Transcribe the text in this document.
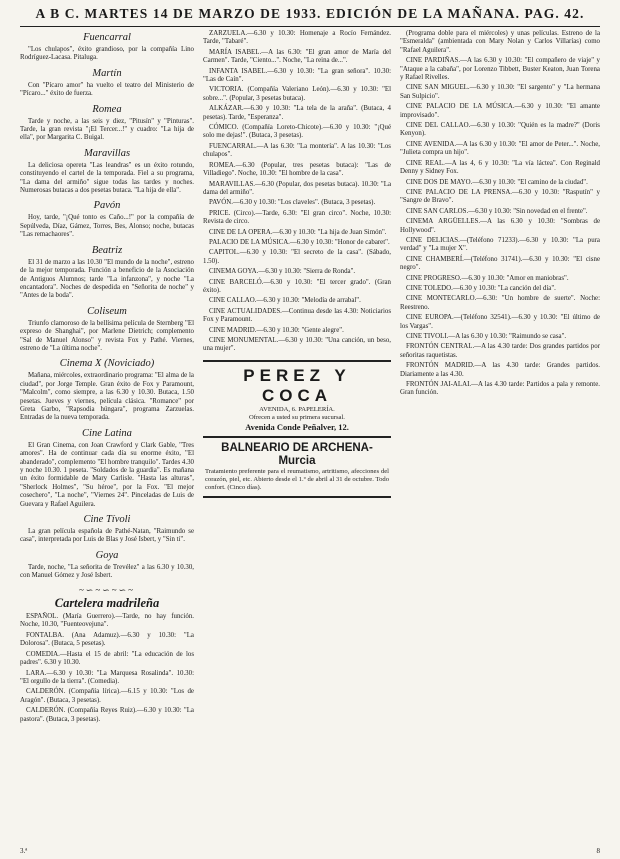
A B C. MARTES 14 DE MARZO DE 1933. EDICIÓN DE LA MAÑANA. PAG. 42.
Fuencarral

"Los chulapos", éxito grandioso, por la compañía Lino Rodríguez-Lacasa. Pitaluga.

Martín

Con "Pícaro amor" ha vuelto el teatro del Ministerio de "Pícaro..." éxito de fuerza.

Romea

Tarde y noche, a las seis y diez, "Pitusín" y "Pinturas". Tarde, la gran revista "¡El Tercer...!" y cuadro: "La hija de ella", por Margarita C. Buigal.

Maravillas

La deliciosa opereta "Las leandras" es un éxito rotundo, constituyendo el cartel de la temporada. Fiel a su programa, "La dama del armiño" sigue todas las tardes y noches. Numerosas butacas a dos pesetas butaca. "La hija de ella".

Pavón

Hoy, tarde, "¡Qué tonto es Caño...!" por la compañía de Sepúlveda, Díaz, Gámez, Torres, Bes, Alonso; noche, butacas "Las remachaores".

Beatriz

El 31 de marzo a las 10.30 "El mundo de la noche", estreno de la mejor temporada. Función a beneficio de la Asociación de Antiguos Alumnos; tarde "La infanzona", y noche "La encantadora". Noches de despedida en "Señorita de noche" y "Antes de la boda".

Coliseum

Triunfo clamoroso de la bellísima película de Sternberg "El expreso de Shanghai", por Marlene Dietrich; complemento "Sal de Manuel Alonso" y revista Fox y Pathé. Viernes, estreno de "La última noche".

Cinema X (Noviciado)

Mañana, miércoles, extraordinario programa: "El alma de la ciudad", por Jorge Temple. Gran éxito de Fox y Paramount, "Malcolm", como siempre, a las 6.30 y 10.30. Butaca, 1.50 pesetas. Jueves y viernes, película clásica. "Romance" por Greta Garbo, "Rapsodia húngara", programa Zarzuelas. Entradas de la nueva temporada.

Cine Latina

El Gran Cinema, con Joan Crawford y Clark Gable, "Tres amores". Ha de continuar cada día su enorme éxito, "El abanderado", complemento "El hombre tranquilo". Tardes 4.30 y noche 10.30. 1 peseta. "Soldados de la guardia". Es mañana un éxito formidable de Mary Carlisle. "Hasta las alturas", "Sherlock Holmes", "Su héroe", por la Fox. "El mejor cosechero", "La noche", "Viernes 24". Pinceladas de Luis de Guevara y Rafael Aguilera.

Cine Tívoli

La gran película española de Pathé-Natan, "Raimundo se casa", interpretada por Luis de Blas y José Isbert, y "Sin ti".

Goya

Tarde, noche, "La señorita de Trevélez" a las 6.30 y 10.30, con Manuel Gómez y José Isbert.

~∽~∽~∽~
Cartelera madrileña

ESPAÑOL. (María Guerrero).—Tarde, no hay función. Noche, 10.30, "Fuenteovejuna".

FONTALBA. (Ana Adamuz).—6.30 y 10.30: "La Dolorosa". (Butaca, 5 pesetas).

COMEDIA.—Hasta el 15 de abril: "La educación de los padres". 6.30 y 10.30.

LARA.—6.30 y 10.30: "La Marquesa Rosalinda". 10.30: "El orgullo de la tierra". (Comedia).

CALDERÓN. (Compañía lírica).—6.15 y 10.30: "Los de Aragón". (Butaca, 3 pesetas).

CALDERÓN. (Compañía Reyes Ruiz).—6.30 y 10.30: "La pastora". (Butaca, 3 pesetas).

ZARZUELA.—6.30 y 10.30: Homenaje a Rocío Fernández. Tarde, "Tabaré".

MARÍA ISABEL.—A las 6.30: "El gran amor de María del Carmen". Tarde, "Ciento...". Noche, "La reina de...".

INFANTA ISABEL.—6.30 y 10.30: "La gran señora". 10.30: "Las de Caín".

VICTORIA. (Compañía Valeriano León).—6.30 y 10.30: "El sobre...". (Popular, 3 pesetas butaca).

ALKÁZAR.—6.30 y 10.30: "La tela de la araña". (Butaca, 4 pesetas). Tarde, "Esperanza".

CÓMICO. (Compañía Loreto-Chicote).—6.30 y 10.30: "¡Qué solo me dejas!". (Butaca, 3 pesetas).

FUENCARRAL.—A las 6.30: "La montería". A las 10.30: "Los chulapos".

ROMEA.—6.30 (Popular, tres pesetas butaca): "Las de Villadiego". Noche, 10.30: "El hombre de la casa".

MARAVILLAS.—6.30 (Popular, dos pesetas butaca). 10.30: "La dama del armiño".

PAVÓN.—6.30 y 10.30: "Los claveles". (Butaca, 3 pesetas).

PRICE. (Circo).—Tarde, 6.30: "El gran circo". Noche, 10.30: Revista de circo.

CINE DE LA OPERA.—6.30 y 10.30: "La hija de Juan Simón".

PALACIO DE LA MÚSICA.—6.30 y 10.30: "Honor de cabaret".

CAPITOL.—6.30 y 10.30: "El secreto de la casa". (Sábado, 1.50).

CINEMA GOYA.—6.30 y 10.30: "Sierra de Ronda".

CINE BARCELÓ.—6.30 y 10.30: "El tercer grado". (Gran éxito).

CINE CALLAO.—6.30 y 10.30: "Melodía de arrabal".

CINE ACTUALIDADES.—Continua desde las 4.30: Noticiarios Fox y Paramount.

CINE MADRID.—6.30 y 10.30: "Gente alegre".

CINE MONUMENTAL.—6.30 y 10.30: "Una canción, un beso, una mujer".

PEREZ Y COCA
AVENIDA, 6. PAPELERÍA.
Ofrecen a usted su primera sucursal.
Avenida Conde Peñalver, 12.
BALNEARIO DE ARCHENA-Murcia
Tratamiento preferente para el reumatismo, artritismo, afecciones del corazón, piel, etc. Abierto desde el 1.º de abril al 31 de octubre. Todo confort. (Cinco días).

(Programa doble para el miércoles) y unas películas. Estreno de la "Esmeralda" (ambientada con Mary Nolan y Carlos Villarías) como "Rafael Aguilera".

CINE PARDIÑAS.—A las 6.30 y 10.30: "El compañero de viaje" y "Ataque a la cabaña", por Lorenzo Tibbett, Buster Keaton, Juan Torena y Rafael Rivelles.

CINE SAN MIGUEL.—6.30 y 10.30: "El sargento" y "La hermana San Sulpicio".

CINE PALACIO DE LA MÚSICA.—6.30 y 10.30: "El amante improvisado".

CINE DEL CALLAO.—6.30 y 10.30: "Quién es la madre?" (Doris Kenyon).

CINE AVENIDA.—A las 6.30 y 10.30: "El amor de Peter...". Noche, "Julieta compra un hijo".

CINE REAL.—A las 4, 6 y 10.30: "La vía láctea". Con Reginald Denny y Sidney Fox.

CINE DOS DE MAYO.—6.30 y 10.30: "El camino de la ciudad".

CINE PALACIO DE LA PRENSA.—6.30 y 10.30: "Rasputín" y "Sangre de Bravo".

CINE SAN CARLOS.—6.30 y 10.30: "Sin novedad en el frente".

CINEMA ARGÜELLES.—A las 6.30 y 10.30: "Sombras de Hollywood".

CINE DELICIAS.—(Teléfono 71233).—6.30 y 10.30: "La pura verdad" y "La mujer X".

CINE CHAMBERÍ.—(Teléfono 31741).—6.30 y 10.30: "El cisne negro".

CINE PROGRESO.—6.30 y 10.30: "Amor en maniobras".

CINE TOLEDO.—6.30 y 10.30: "La canción del día".

CINE MONTECARLO.—6.30: "Un hombre de suerte". Noche: Reestreno.

CINE EUROPA.—(Teléfono 32541).—6.30 y 10.30: "El último de los Vargas".

CINE TIVOLI.—A las 6.30 y 10.30: "Raimundo se casa".

FRONTÓN CENTRAL.—A las 4.30 tarde: Dos grandes partidos por señoritas raquetistas.

FRONTÓN MADRID.—A las 4.30 tarde: Grandes partidos. Diariamente a las 4.30.

FRONTÓN JAI-ALAI.—A las 4.30 tarde: Partidos a pala y remonte. Gran función.

3.ª	8
